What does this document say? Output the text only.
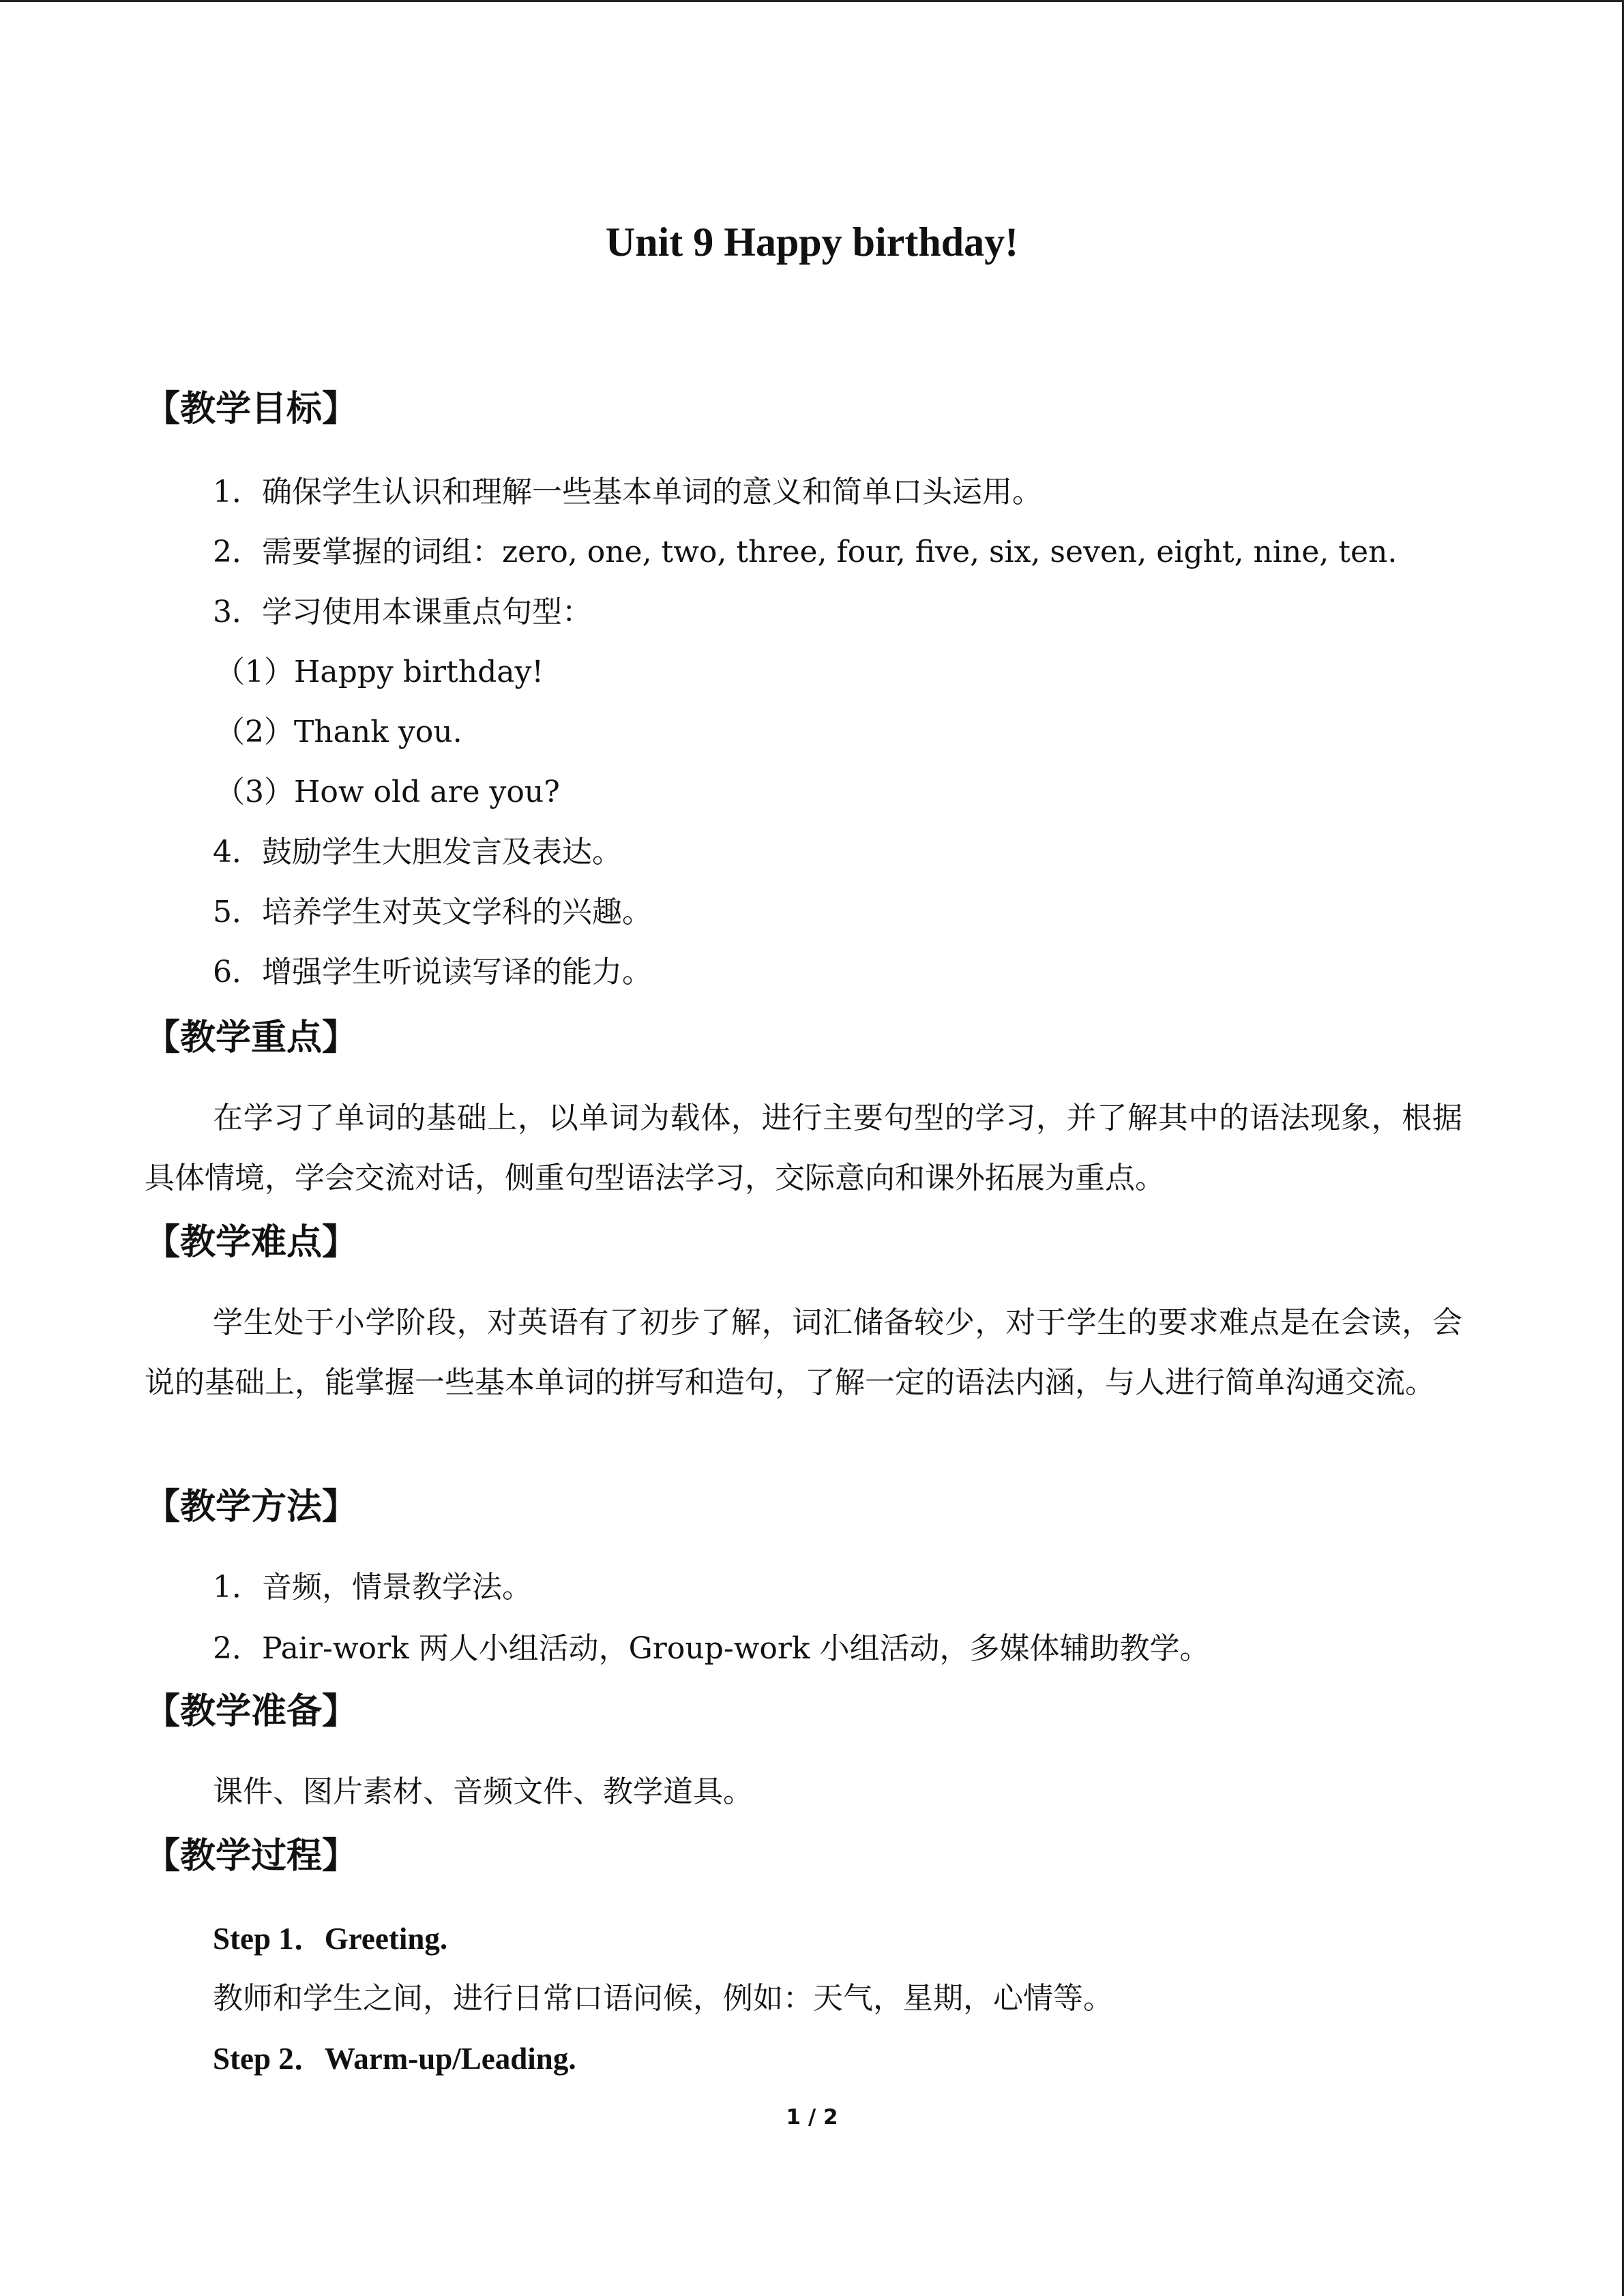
Unit 9 Happy birthday!
【教学目标】
1．确保学生认识和理解一些基本单词的意义和简单口头运用。
2．需要掌握的词组：zero, one, two, three, four, five, six, seven, eight, nine, ten.
3．学习使用本课重点句型：
（1）Happy birthday!
（2）Thank you.
（3）How old are you?
4．鼓励学生大胆发言及表达。
5．培养学生对英文学科的兴趣。
6．增强学生听说读写译的能力。
【教学重点】
在学习了单词的基础上，以单词为载体，进行主要句型的学习，并了解其中的语法现象，根据具体情境，学会交流对话，侧重句型语法学习，交际意向和课外拓展为重点。
【教学难点】
学生处于小学阶段，对英语有了初步了解，词汇储备较少，对于学生的要求难点是在会读，会说的基础上，能掌握一些基本单词的拼写和造句，了解一定的语法内涵，与人进行简单沟通交流。
【教学方法】
1．音频，情景教学法。
2．Pair-work 两人小组活动，Group-work 小组活动，多媒体辅助教学。
【教学准备】
课件、图片素材、音频文件、教学道具。
【教学过程】
Step 1．Greeting.
教师和学生之间，进行日常口语问候，例如：天气，星期，心情等。
Step 2．Warm-up/Leading.
1 / 2
